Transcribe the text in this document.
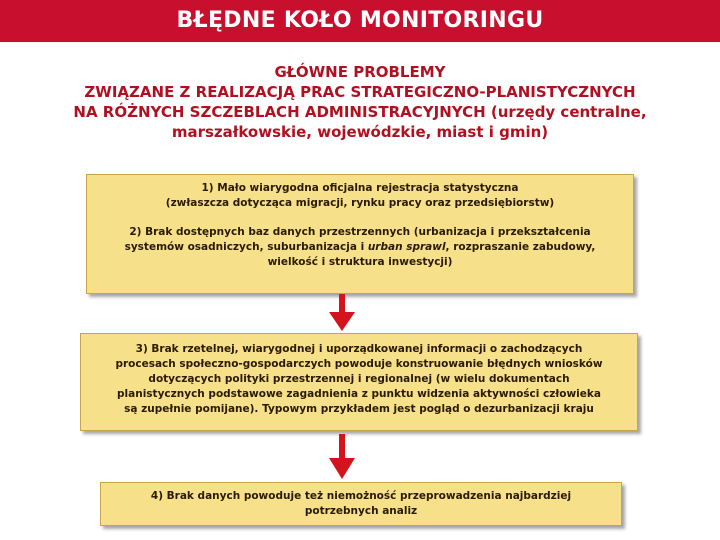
BŁĘDNE KOŁO MONITORINGU
GŁÓWNE PROBLEMY
ZWIĄZANE Z REALIZACJĄ PRAC STRATEGICZNO-PLANISTYCZNYCH
NA RÓŻNYCH SZCZEBLACH ADMINISTRACYJNYCH (urzędy centralne,
marszałkowskie, wojewódzkie, miast i gmin)

1) Mało wiarygodna oficjalna rejestracja statystyczna
(zwłaszcza dotycząca migracji, rynku pracy oraz przedsiębiorstw)

2) Brak dostępnych baz danych przestrzennych (urbanizacja i przekształcenia
systemów osadniczych, suburbanizacja i urban sprawl, rozpraszanie zabudowy,
wielkość i struktura inwestycji)

3) Brak rzetelnej, wiarygodnej i uporządkowanej informacji o zachodzących
procesach społeczno-gospodarczych powoduje konstruowanie błędnych wniosków
dotyczących polityki przestrzennej i regionalnej (w wielu dokumentach
planistycznych podstawowe zagadnienia z punktu widzenia aktywności człowieka
są zupełnie pomijane). Typowym przykładem jest pogląd o dezurbanizacji kraju
4) Brak danych powoduje też niemożność przeprowadzenia najbardziej
potrzebnych analiz
